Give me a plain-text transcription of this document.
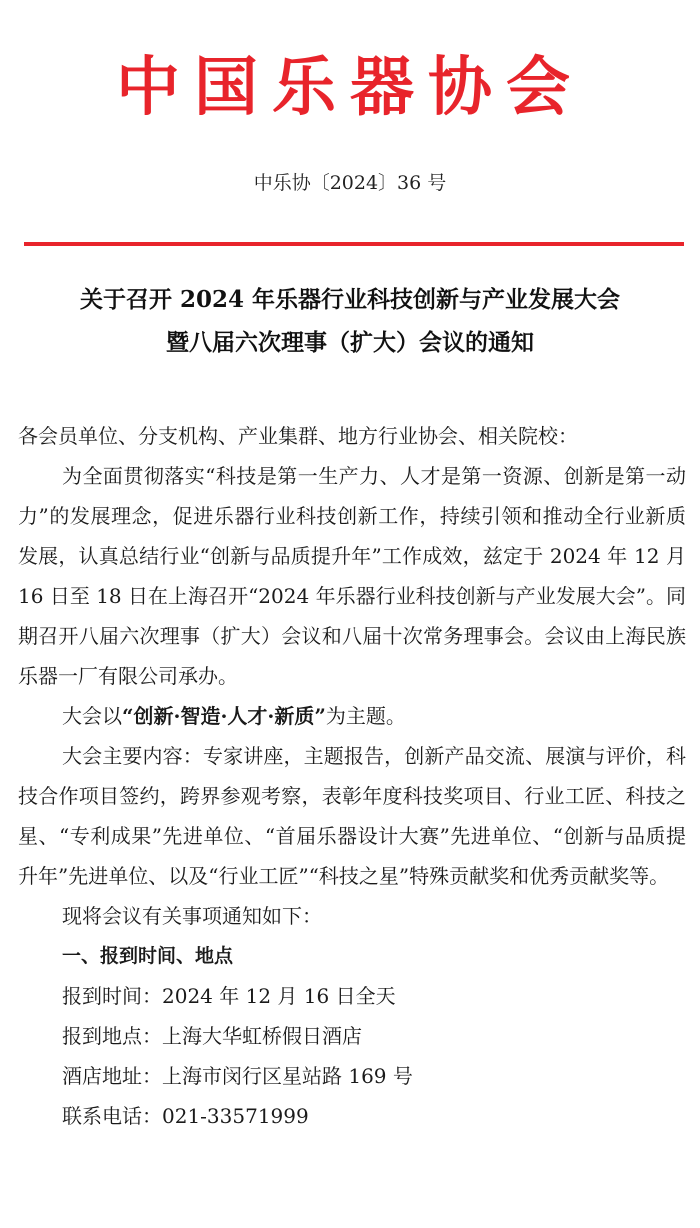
中国乐器协会
中乐协〔2024〕36 号
关于召开 2024 年乐器行业科技创新与产业发展大会
暨八届六次理事（扩大）会议的通知

各会员单位、分支机构、产业集群、地方行业协会、相关院校：

为全面贯彻落实“科技是第一生产力、人才是第一资源、创新是第一动力”的发展理念，促进乐器行业科技创新工作，持续引领和推动全行业新质发展，认真总结行业“创新与品质提升年”工作成效，兹定于 2024 年 12 月 16 日至 18 日在上海召开“2024 年乐器行业科技创新与产业发展大会”。同期召开八届六次理事（扩大）会议和八届十次常务理事会。会议由上海民族乐器一厂有限公司承办。

大会以“创新·智造·人才·新质”为主题。

大会主要内容：专家讲座，主题报告，创新产品交流、展演与评价，科技合作项目签约，跨界参观考察，表彰年度科技奖项目、行业工匠、科技之星、“专利成果”先进单位、“首届乐器设计大赛”先进单位、“创新与品质提升年”先进单位、以及“行业工匠”“科技之星”特殊贡献奖和优秀贡献奖等。

现将会议有关事项通知如下：

一、报到时间、地点

报到时间：2024 年 12 月 16 日全天

报到地点：上海大华虹桥假日酒店

酒店地址：上海市闵行区星站路 169 号

联系电话：021-33571999
